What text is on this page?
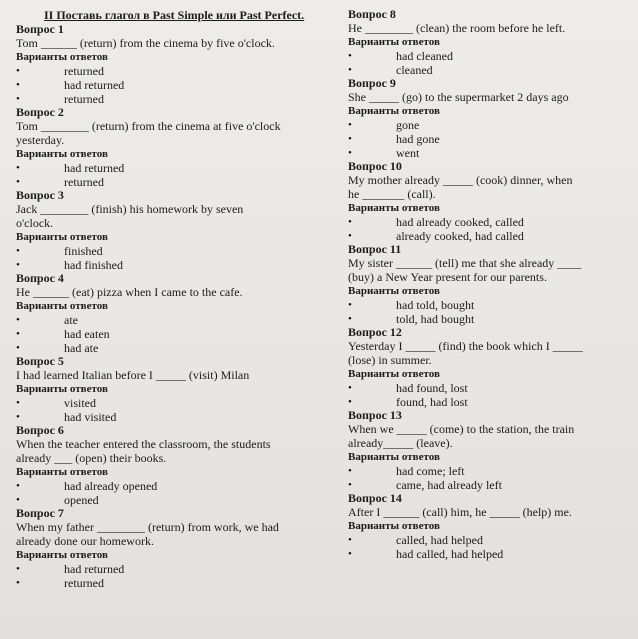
II Поставь глагол в Past Simple или Past Perfect.
Вопрос 1
Tom ______ (return) from the cinema by five o'clock.
Варианты ответов
• returned
• had returned
• returned
Вопрос 2
Tom ________ (return) from the cinema at five o'clock
yesterday.
Варианты ответов
• had returned
• returned
Вопрос 3
Jack ________ (finish) his homework by seven
o'clock.
Варианты ответов
• finished
• had finished
Вопрос 4
He ______ (eat) pizza when I came to the cafe.
Варианты ответов
• ate
• had eaten
• had ate
Вопрос 5
I had learned Italian before I _____ (visit) Milan
Варианты ответов
• visited
• had visited
Вопрос 6
When the teacher entered the classroom, the students
already ___ (open) their books.
Варианты ответов
• had already opened
• opened
Вопрос 7
When my father ________ (return) from work, we had
already done our homework.
Варианты ответов
• had returned
• returned
Вопрос 8
He ________ (clean) the room before he left.
Варианты ответов
• had cleaned
• cleaned
Вопрос 9
She _____ (go) to the supermarket 2 days ago
Варианты ответов
• gone
• had gone
• went
Вопрос 10
My mother already _____ (cook) dinner, when
he _______ (call).
Варианты ответов
• had already cooked, called
• already cooked, had called
Вопрос 11
My sister ______ (tell) me that she already ____
(buy) a New Year present for our parents.
Варианты ответов
• had told, bought
• told, had bought
Вопрос 12
Yesterday I _____ (find) the book which I _____
(lose) in summer.
Варианты ответов
• had found, lost
• found, had lost
Вопрос 13
When we _____ (come) to the station, the train
already_____ (leave).
Варианты ответов
• had come; left
• came, had already left
Вопрос 14
After I ______ (call) him, he _____ (help) me.
Варианты ответов
• called, had helped
• had called, had helped
